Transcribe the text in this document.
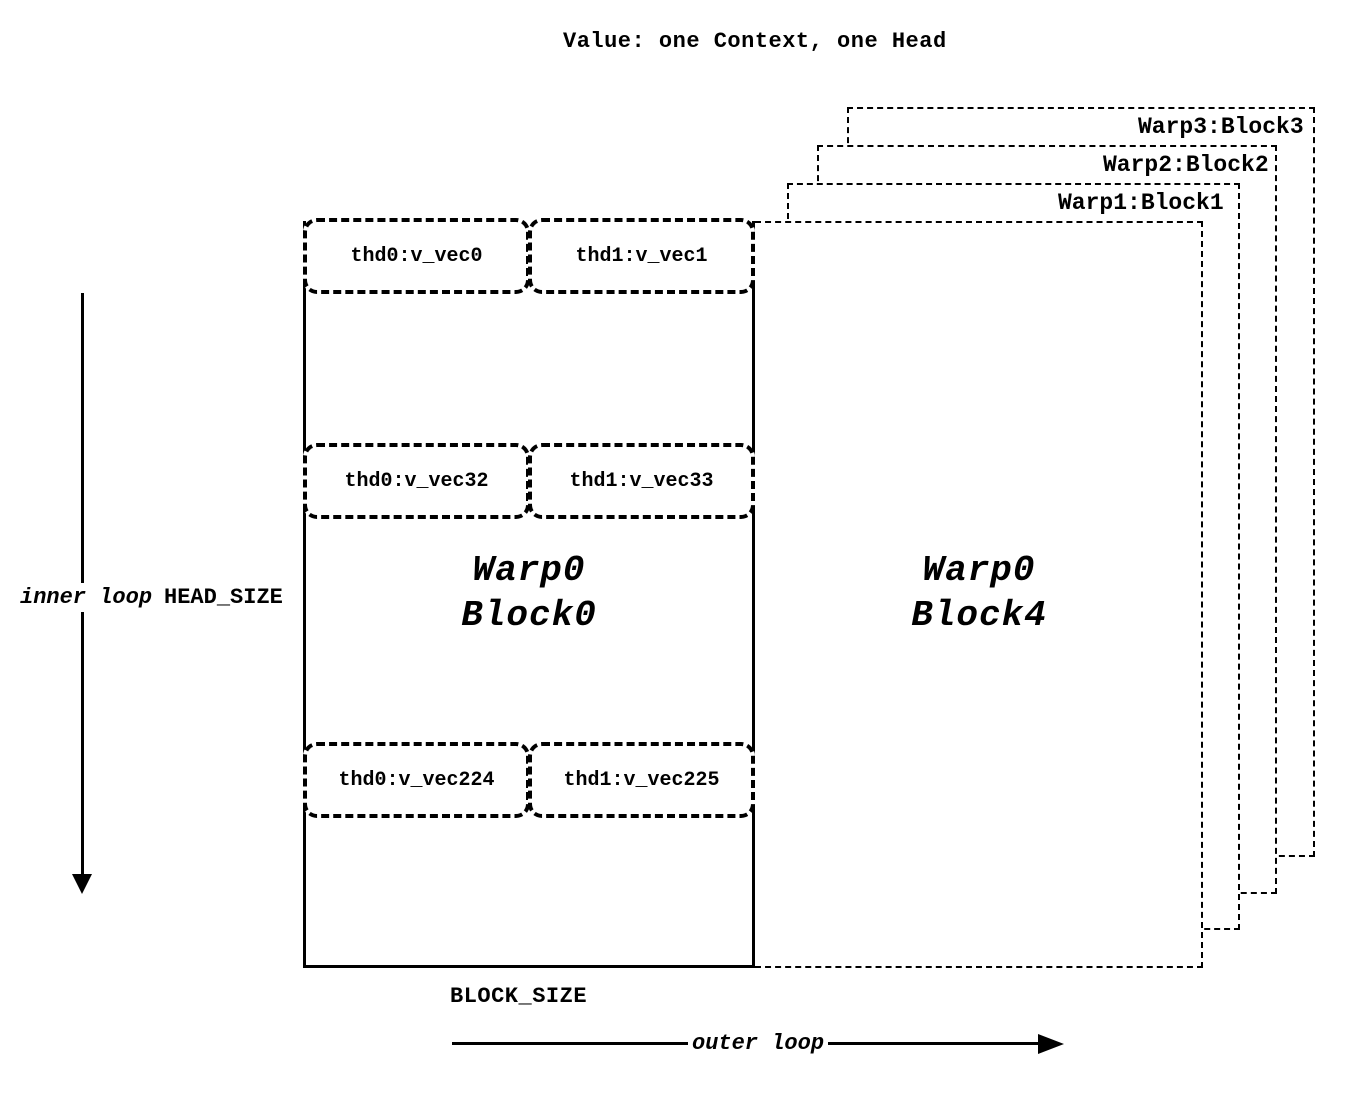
Value: one Context, one Head
Warp3:Block3
Warp2:Block2
Warp1:Block1
Warp0
Block0
Warp0
Block4
thd0:v_vec0	thd1:v_vec1
thd0:v_vec32	thd1:v_vec33
thd0:v_vec224	thd1:v_vec225
inner loop HEAD_SIZE
BLOCK_SIZE
outer loop
